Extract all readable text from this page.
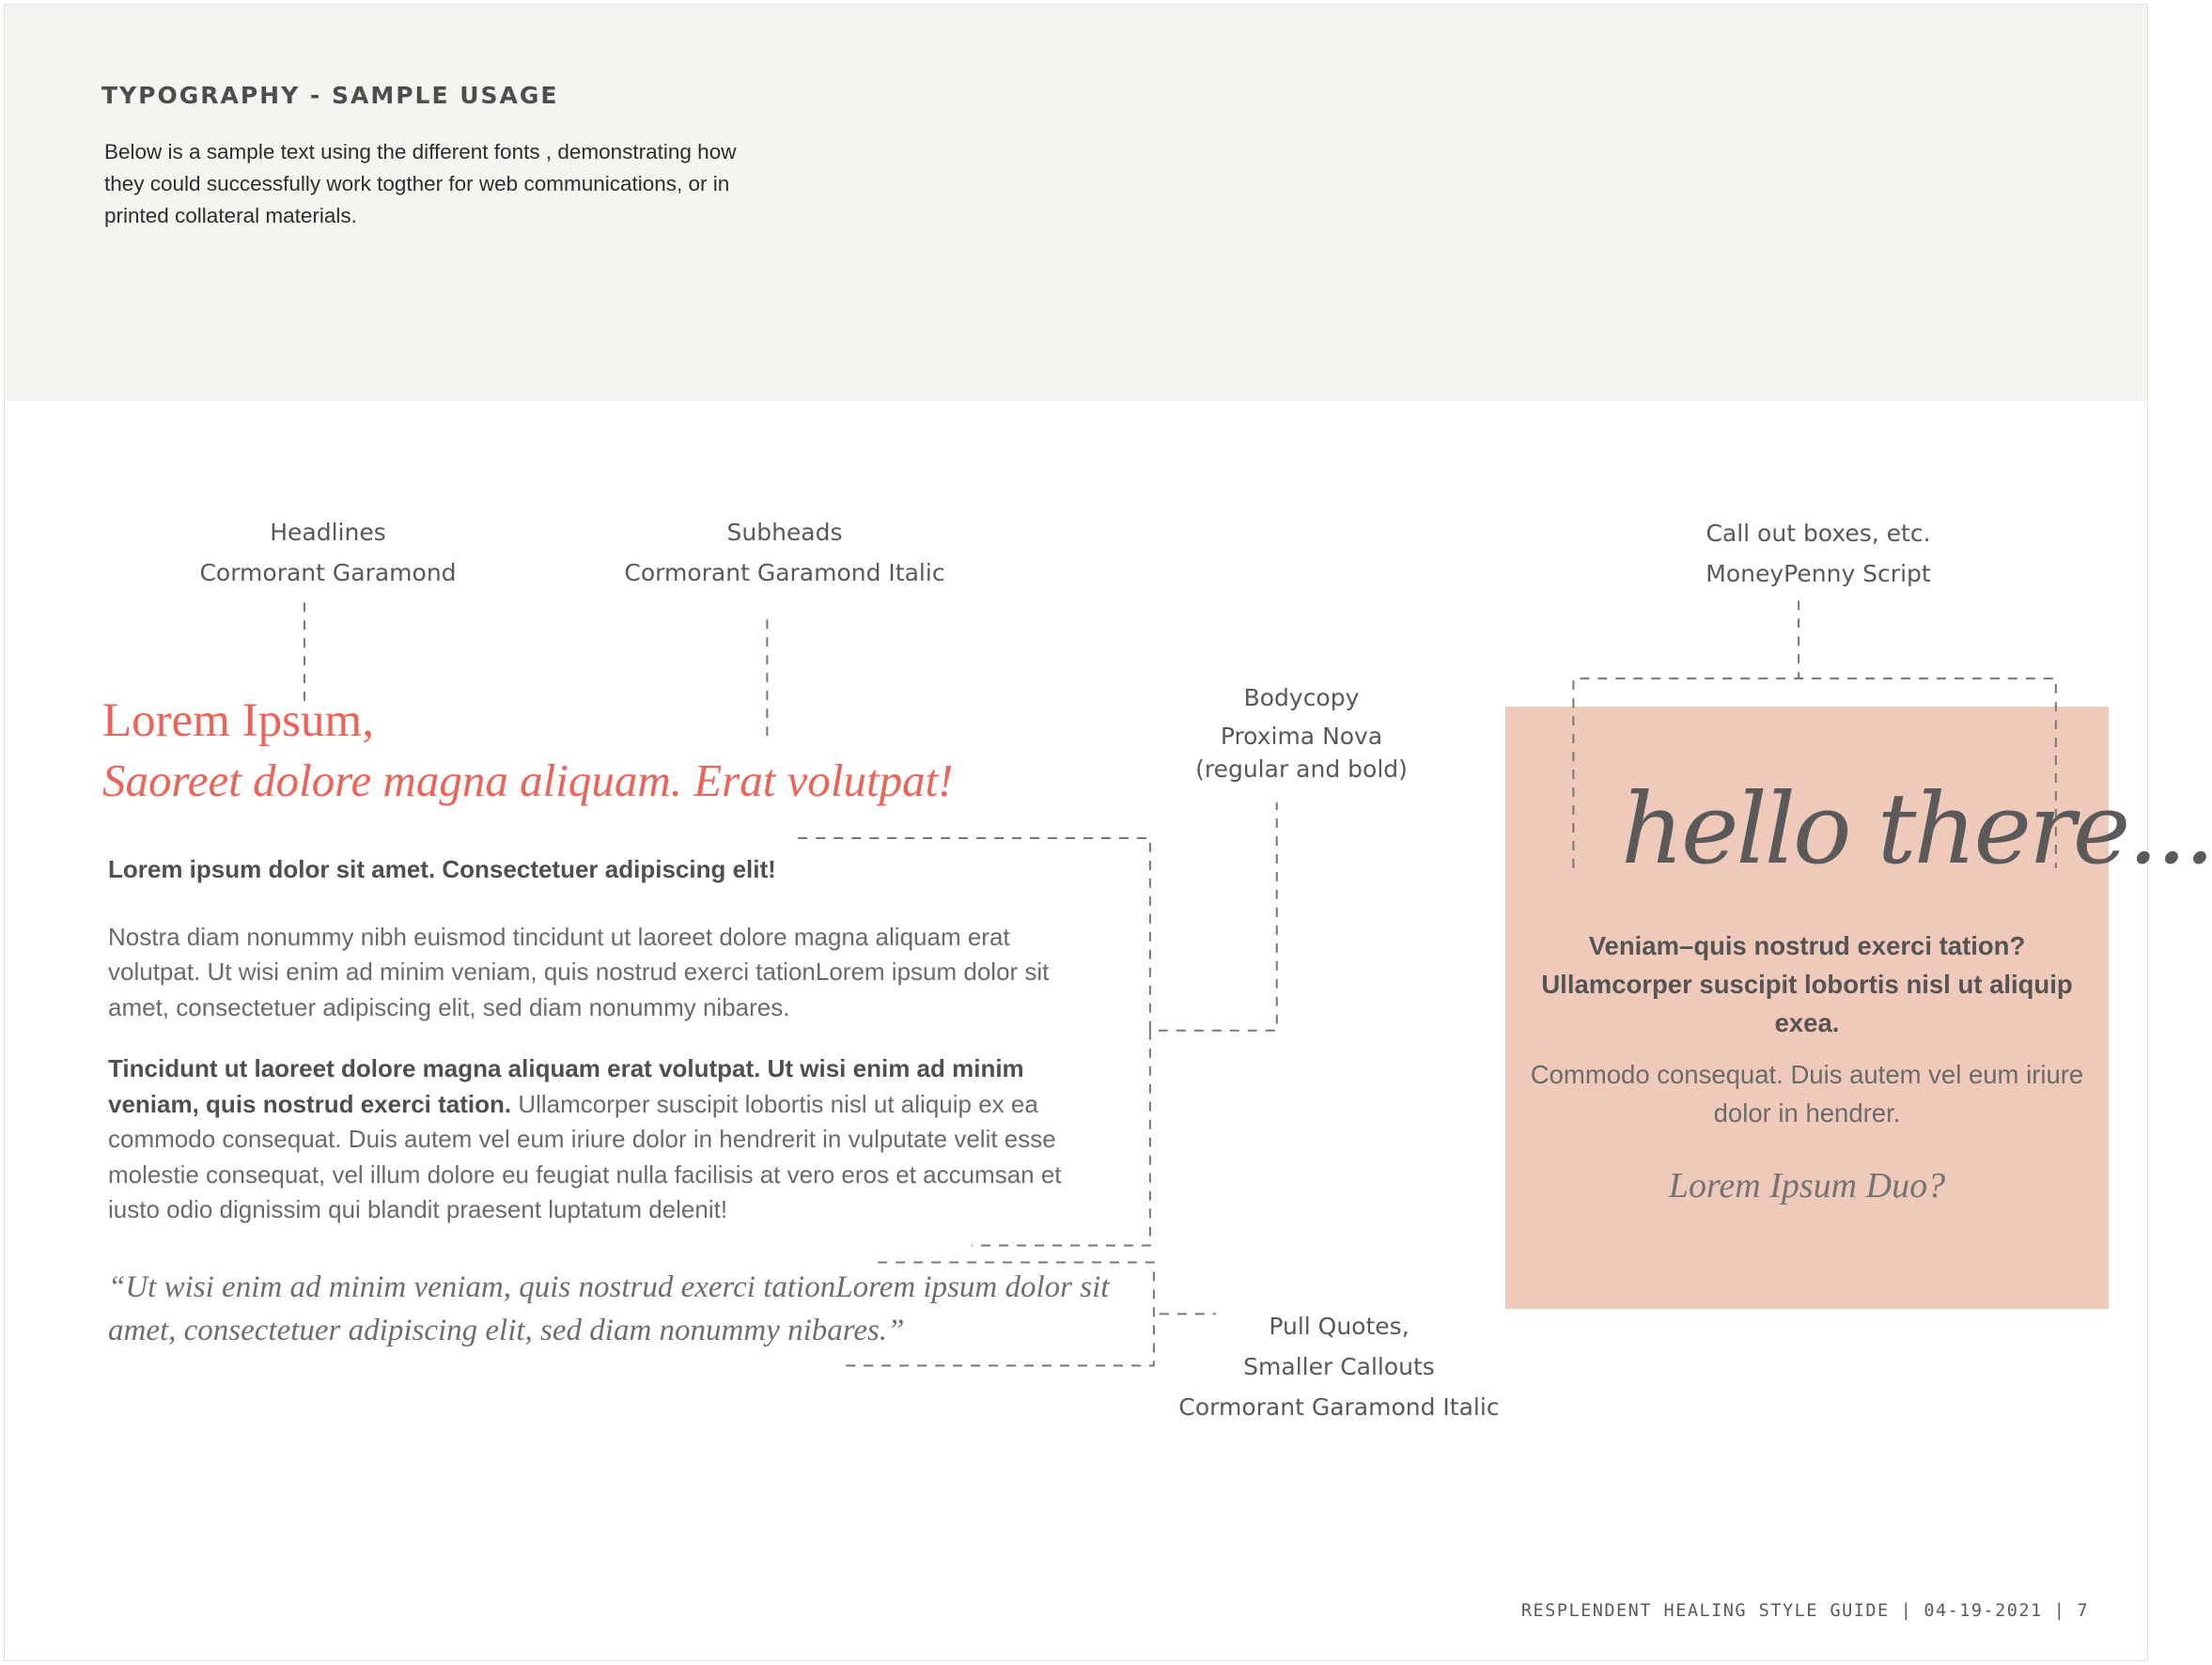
TYPOGRAPHY - SAMPLE USAGE
Below is a sample text using the different fonts , demonstrating how
they could successfully work togther for web communications, or in
printed collateral materials.
Headlines
Cormorant Garamond
Subheads
Cormorant Garamond Italic
Bodycopy
Proxima Nova
(regular and bold)
Call out boxes, etc.
MoneyPenny Script
Pull Quotes,
Smaller Callouts
Cormorant Garamond Italic
Lorem Ipsum,
Saoreet dolore magna aliquam. Erat volutpat!

Lorem ipsum dolor sit amet. Consectetuer adipiscing elit!

Nostra diam nonummy nibh euismod tincidunt ut laoreet dolore magna aliquam erat volutpat. Ut wisi enim ad minim veniam, quis nostrud exerci tationLorem ipsum dolor sit amet, consectetuer adipiscing elit, sed diam nonummy nibares.

Tincidunt ut laoreet dolore magna aliquam erat volutpat. Ut wisi enim ad minim veniam, quis nostrud exerci tation. Ullamcorper suscipit lobortis nisl ut aliquip ex ea commodo consequat. Duis autem vel eum iriure dolor in hendrerit in vulputate velit esse molestie consequat, vel illum dolore eu feugiat nulla facilisis at vero eros et accumsan et iusto odio dignissim qui blandit praesent luptatum delenit!

“Ut wisi enim ad minim veniam, quis nostrud exerci tationLorem ipsum dolor sit amet, consectetuer adipiscing elit, sed diam nonummy nibares.”
hello there...
Veniam–quis nostrud exerci tation? Ullamcorper suscipit lobortis nisl ut aliquip exea.
Commodo consequat. Duis autem vel eum iriure dolor in hendrer.
Lorem Ipsum Duo?
RESPLENDENT HEALING STYLE GUIDE | 04-19-2021 | 7
